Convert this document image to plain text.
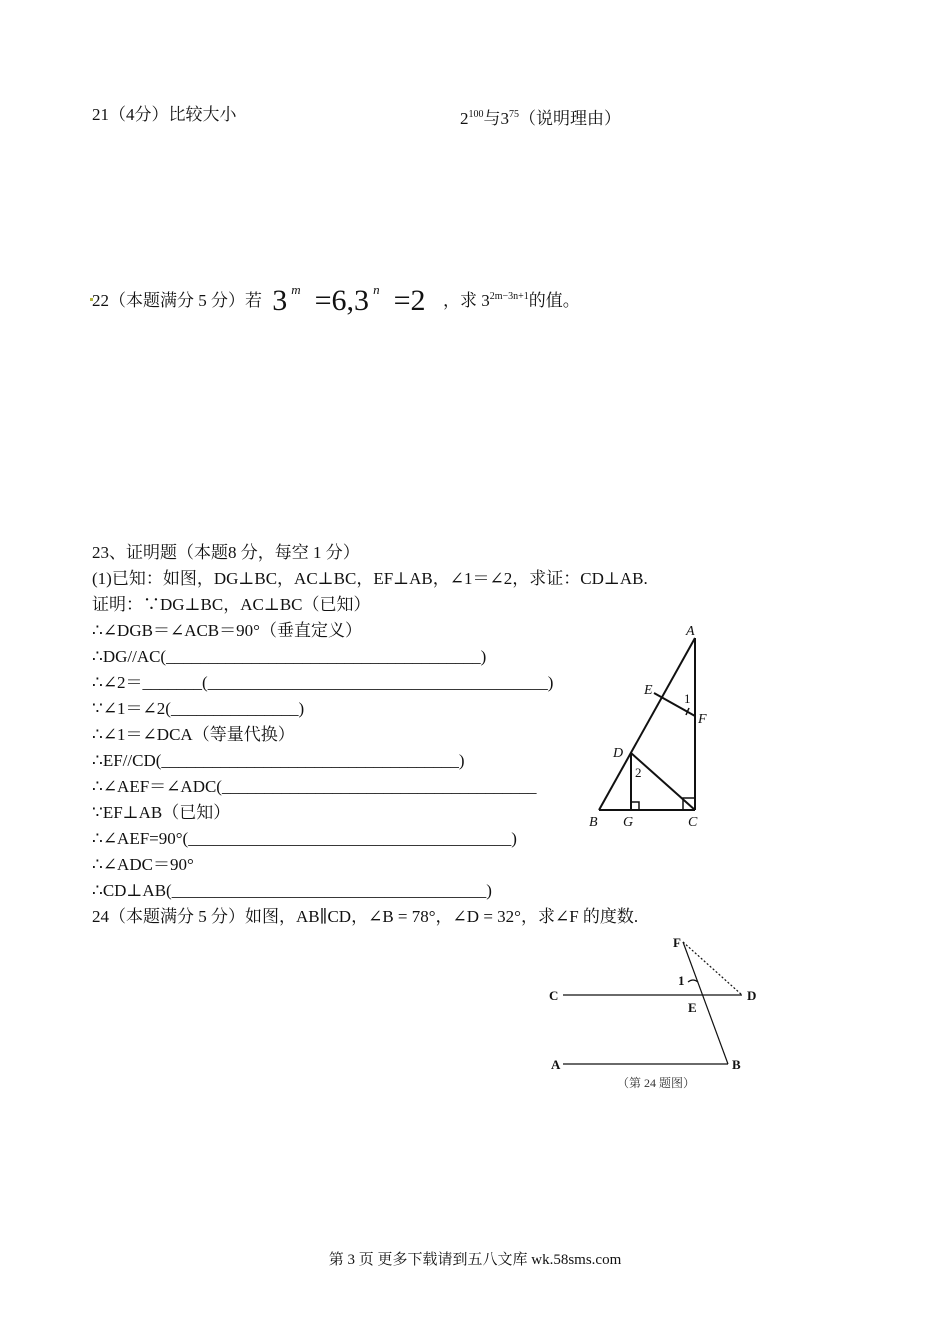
21（4分）比较大小	$2^{100}$与$3^{75}$（说明理由）
22（本题满分 5 分）若 3 $^m$ =6,3 $^n$ =2 ，求 $3^{2m-3n+1}$的值。
23、证明题（本题8 分，每空 1 分）
(1)已知：如图，DG⊥BC，AC⊥BC，EF⊥AB，∠1＝∠2，求证：CD⊥AB.
证明：∵DG⊥BC，AC⊥BC（已知）
∴∠DGB＝∠ACB＝90°（垂直定义）
∴DG//AC(_____________________________________)
∴∠2＝_______(________________________________________)
∵∠1＝∠2(_______________)
∴∠1＝∠DCA（等量代换）
∴EF//CD(___________________________________)
∴∠AEF＝∠ADC(_____________________________________
∵EF⊥AB（已知）
∴∠AEF=90°(______________________________________)
∴∠ADC＝90°
∴CD⊥AB(_____________________________________)
A
E
F
D
B G	C
1
2
24（本题满分 5 分）如图，AB∥CD，∠B = 78°，∠D = 32°，求∠F 的度数.
F
1
C	D
E
A	B
（第 24 题图）
第 3 页 更多下载请到五八文库 wk.58sms.com
